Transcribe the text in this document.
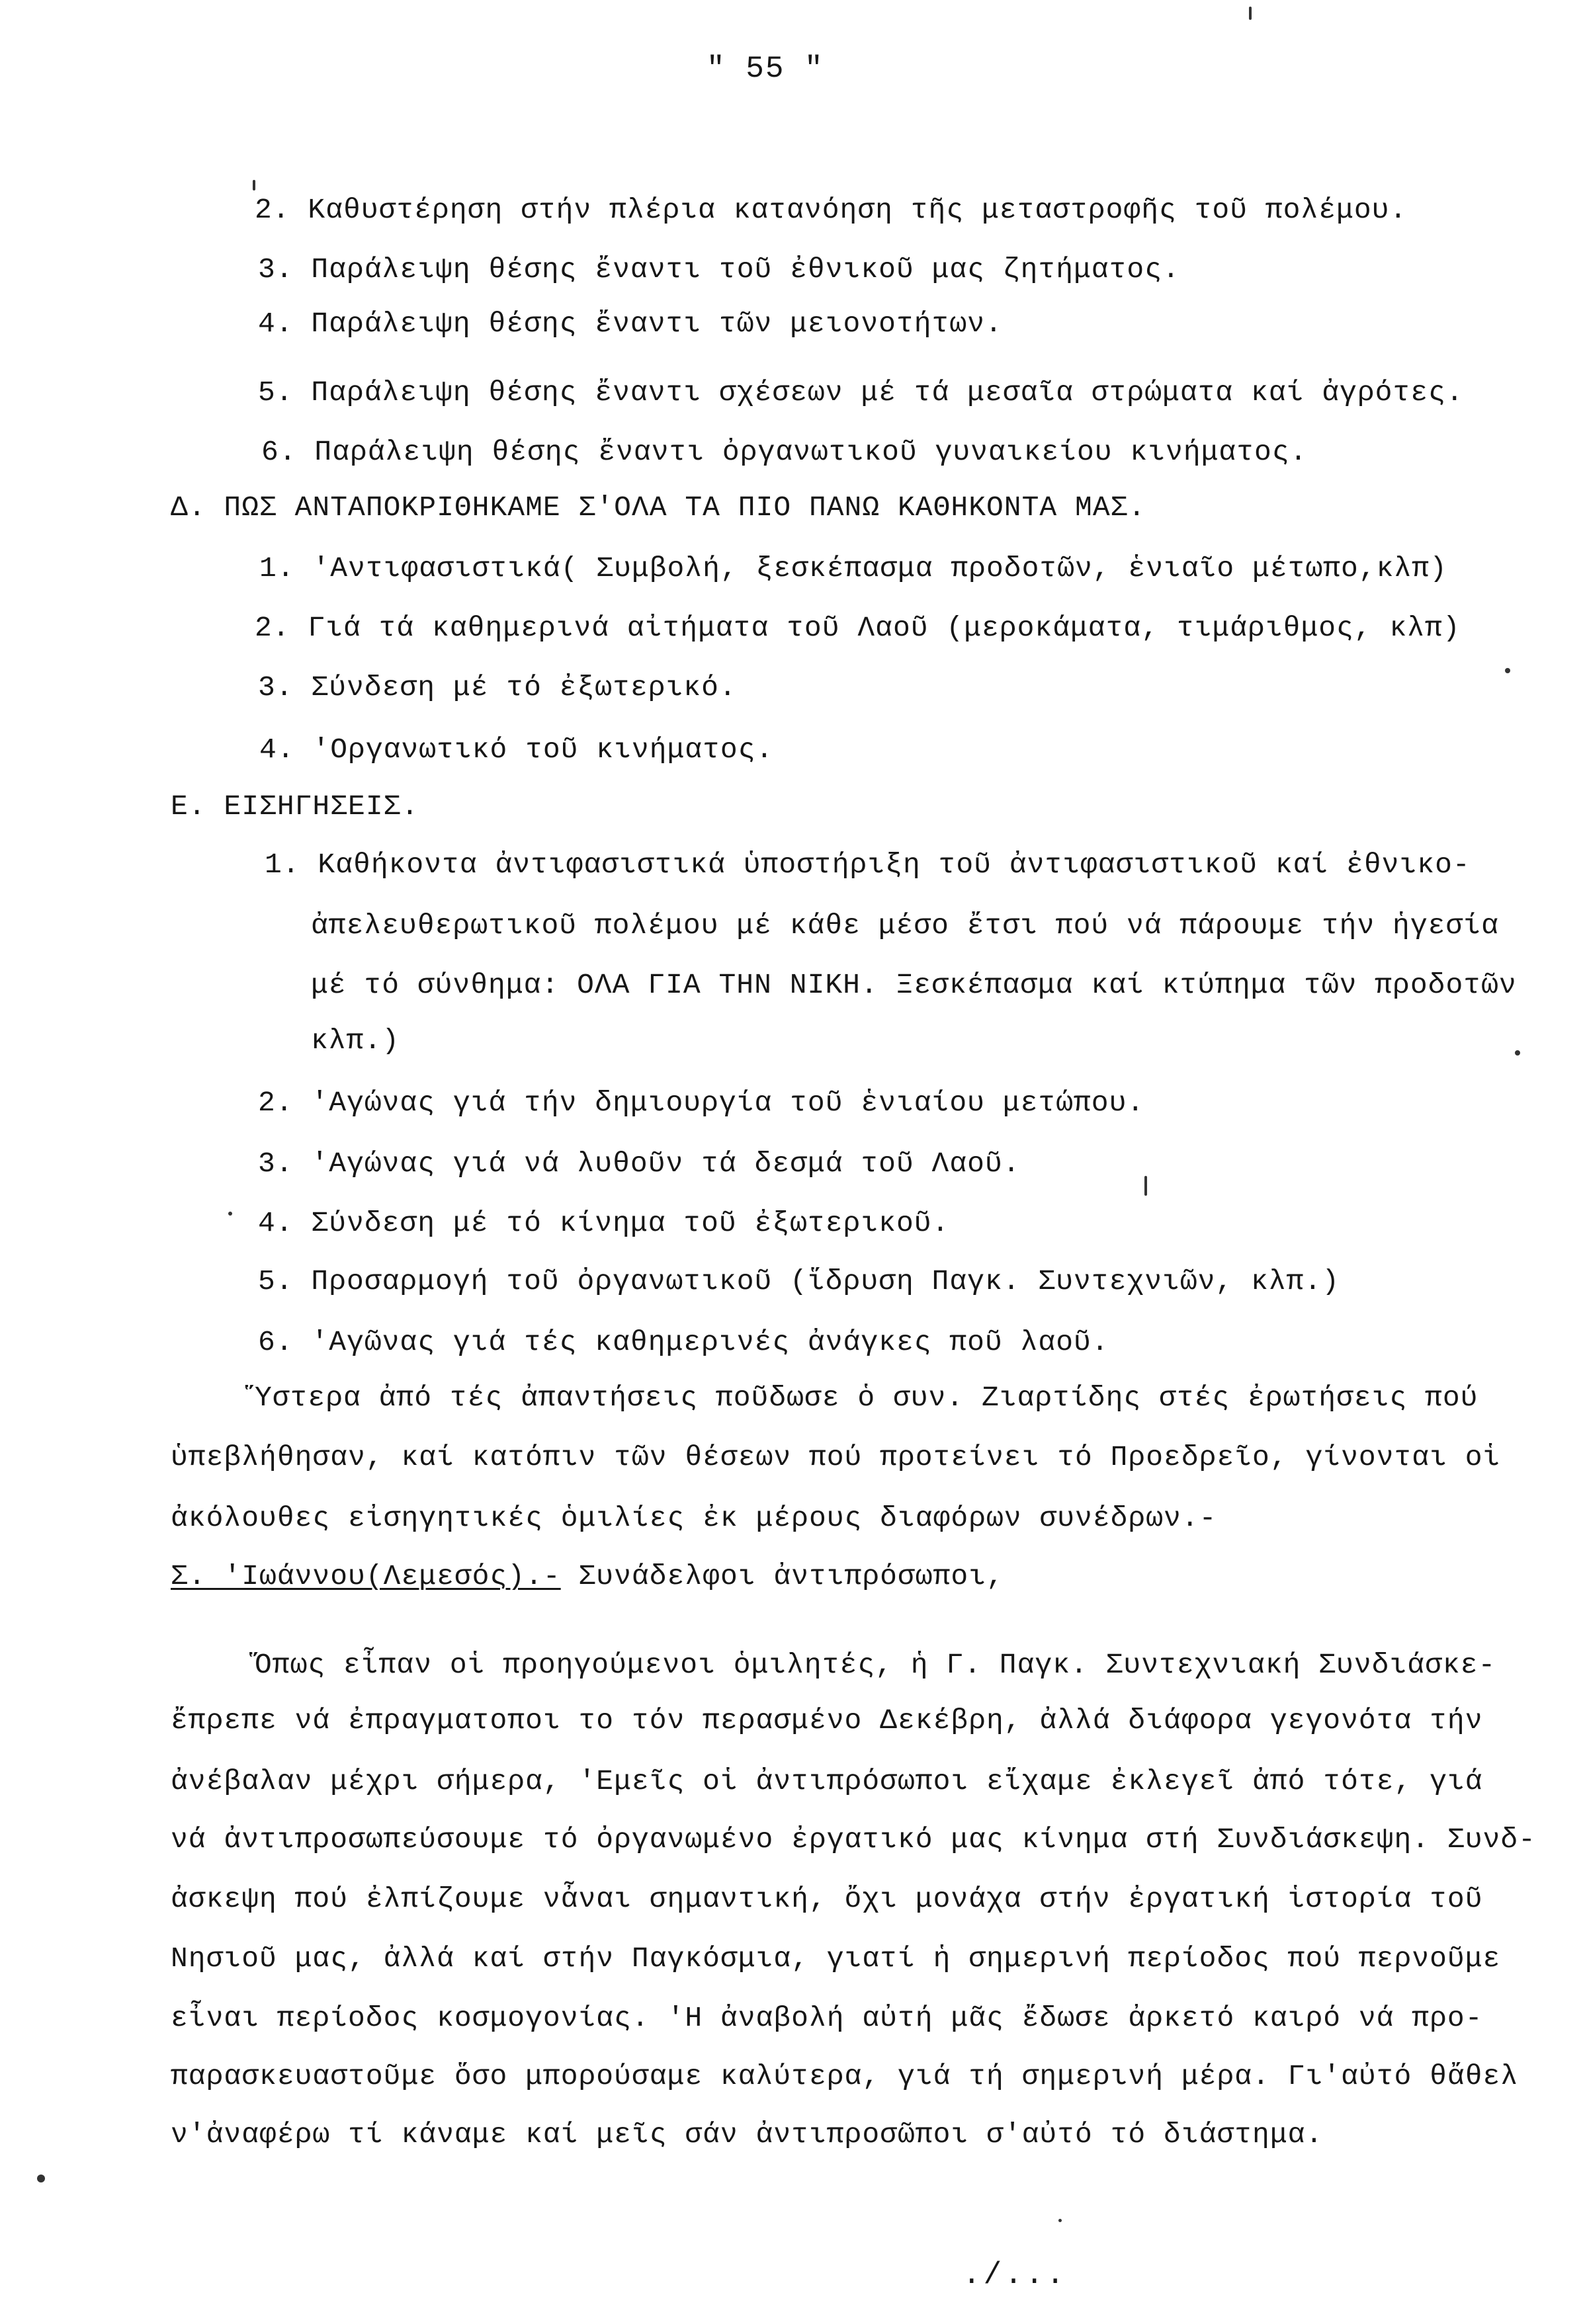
" 55 "
2. Καθυστέρηση στήν πλέρια κατανόηση τῆς μεταστροφῆς τοῦ πολέμου.
3. Παράλειψη θέσης ἔναντι τοῦ ἐθνικοῦ μας ζητήματος.
4. Παράλειψη θέσης ἔναντι τῶν μειονοτήτων.
5. Παράλειψη θέσης ἔναντι σχέσεων μέ τά μεσαῖα στρώματα καί ἀγρότες.
6. Παράλειψη θέσης ἔναντι ὀργανωτικοῦ γυναικείου κινήματος.
Δ. ΠΩΣ ΑΝΤΑΠΟΚΡΙΘΗΚΑΜΕ Σ'ΟΛΑ ΤΑ ΠΙΟ ΠΑΝΩ ΚΑΘΗΚΟΝΤΑ ΜΑΣ.
1. 'Αντιφασιστικά( Συμβολή, ξεσκέπασμα προδοτῶν, ἑνιαῖο μέτωπο,κλπ)
2. Γιά τά καθημερινά αἰτήματα τοῦ Λαοῦ (μεροκάματα, τιμάριθμος, κλπ)
3. Σύνδεση μέ τό ἐξωτερικό.
4. 'Οργανωτικό τοῦ κινήματος.
Ε. ΕΙΣΗΓΗΣΕΙΣ.
1. Καθήκοντα ἀντιφασιστικά ὑποστήριξη τοῦ ἀντιφασιστικοῦ καί ἐθνικο-
ἀπελευθερωτικοῦ πολέμου μέ κάθε μέσο ἔτσι πού νά πάρουμε τήν ἡγεσία
μέ τό σύνθημα: ΟΛΑ ΓΙΑ ΤΗΝ ΝΙΚΗ. Ξεσκέπασμα καί κτύπημα τῶν προδοτῶν
κλπ.)
2. 'Αγώνας γιά τήν δημιουργία τοῦ ἑνιαίου μετώπου.
3. 'Αγώνας γιά νά λυθοῦν τά δεσμά τοῦ Λαοῦ.
4. Σύνδεση μέ τό κίνημα τοῦ ἐξωτερικοῦ.
5. Προσαρμογή τοῦ ὀργανωτικοῦ (ἵδρυση Παγκ. Συντεχνιῶν, κλπ.)
6. 'Αγῶνας γιά τές καθημερινές ἀνάγκες ποῦ λαοῦ.
Ὕστερα ἀπό τές ἀπαντήσεις ποῦδωσε ὁ συν. Ζιαρτίδης στές ἐρωτήσεις πού
ὑπεβλήθησαν, καί κατόπιν τῶν θέσεων πού προτείνει τό Προεδρεῖο, γίνονται οἱ
ἀκόλουθες εἰσηγητικές ὁμιλίες ἐκ μέρους διαφόρων συνέδρων.-
Σ. 'Ιωάννου(Λεμεσός).- Συνάδελφοι ἀντιπρόσωποι,
Ὅπως εἶπαν οἱ προηγούμενοι ὁμιλητές, ἡ Γ. Παγκ. Συντεχνιακή Συνδιάσκε-
ἔπρεπε νά ἐπραγματοποι το τόν περασμένο Δεκέβρη, ἀλλά διάφορα γεγονότα τήν
ἀνέβαλαν μέχρι σήμερα, 'Εμεῖς οἱ ἀντιπρόσωποι εἴχαμε ἐκλεγεῖ ἀπό τότε, γιά
νά ἀντιπροσωπεύσουμε τό ὀργανωμένο ἐργατικό μας κίνημα στή Συνδιάσκεψη. Συνδ-
ἀσκεψη πού ἐλπίζουμε νἆναι σημαντική, ὄχι μονάχα στήν ἐργατική ἱστορία τοῦ
Νησιοῦ μας, ἀλλά καί στήν Παγκόσμια, γιατί ἡ σημερινή περίοδος πού περνοῦμε
εἶναι περίοδος κοσμογονίας. 'Η ἀναβολή αὐτή μᾶς ἔδωσε ἀρκετό καιρό νά προ-
παρασκευαστοῦμε ὅσο μπορούσαμε καλύτερα, γιά τή σημερινή μέρα. Γι'αὐτό θἄθελ
ν'ἀναφέρω τί κάναμε καί μεῖς σάν ἀντιπροσῶποι σ'αὐτό τό διάστημα.
./...
